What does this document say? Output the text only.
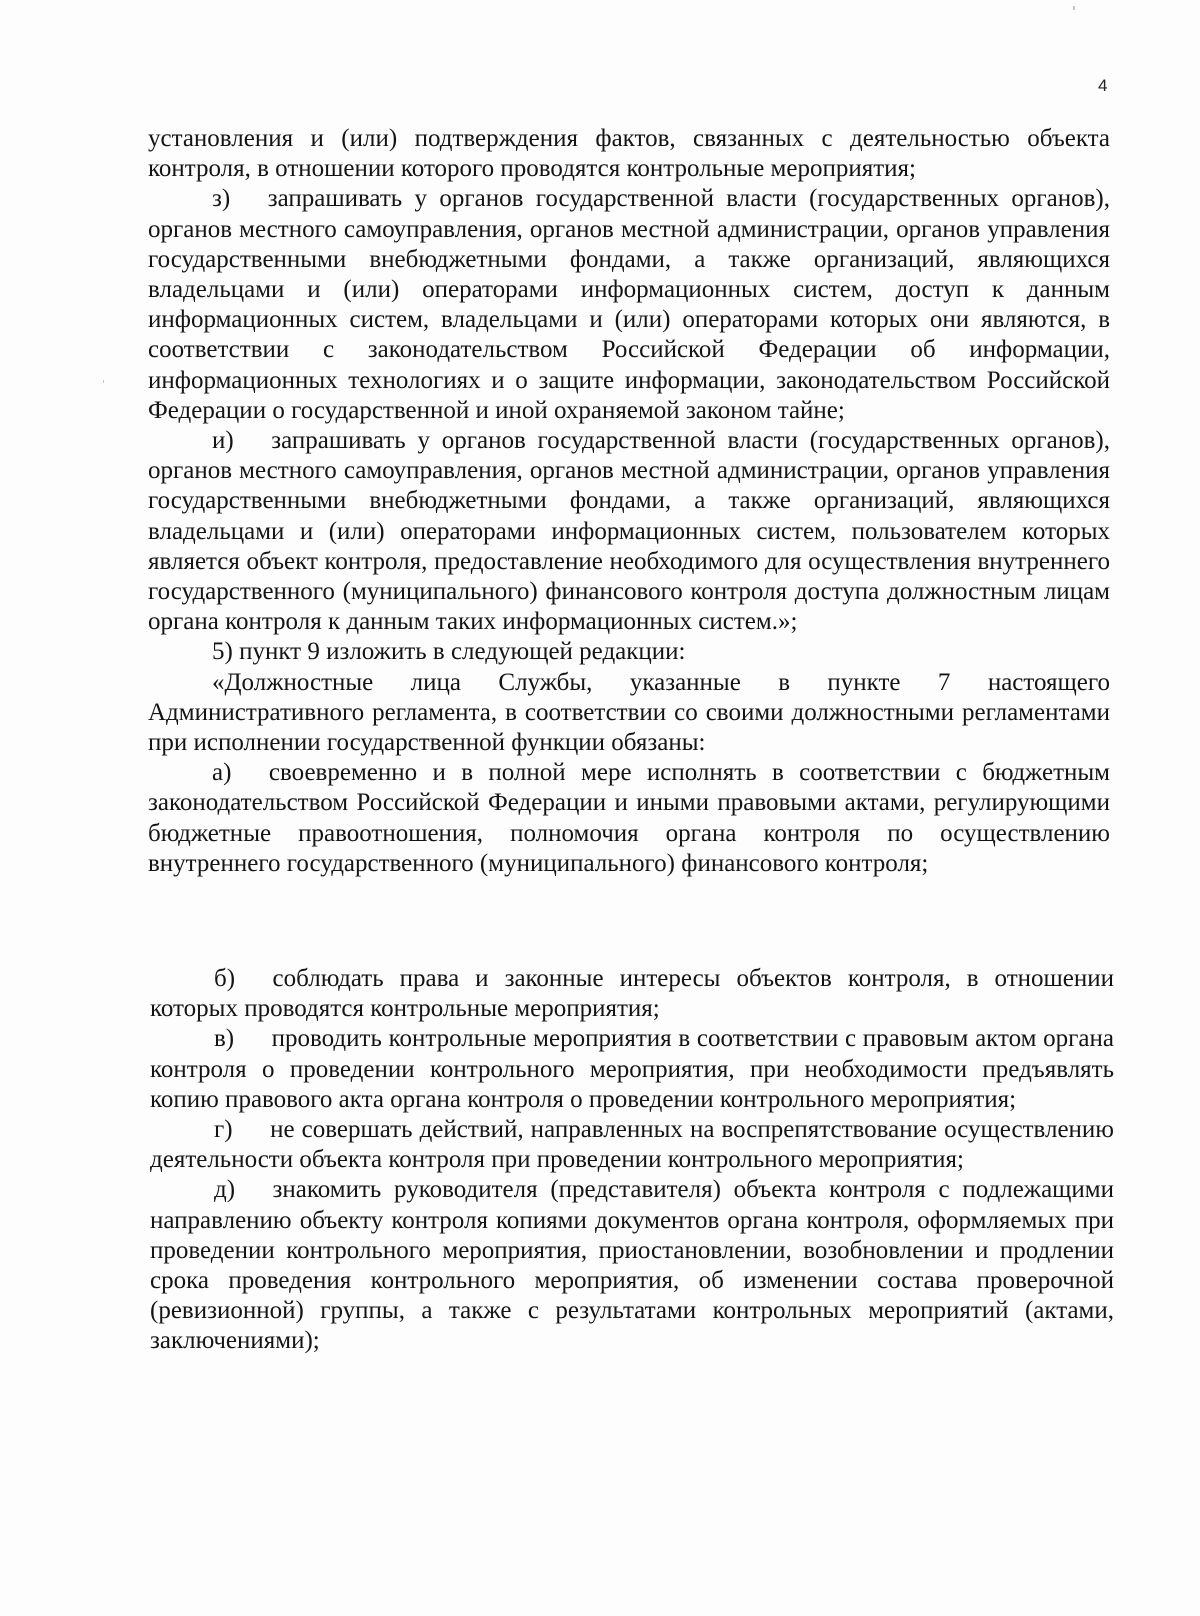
4

установления и (или) подтверждения фактов, связанных с деятельностью объекта контроля, в отношении которого проводятся контрольные мероприятия;

з)  запрашивать у органов государственной власти (государственных органов), органов местного самоуправления, органов местной администрации, органов управления государственными внебюджетными фондами, а также организаций, являющихся владельцами и (или) операторами информационных систем, доступ к данным информационных систем, владельцами и (или) операторами которых они являются, в соответствии с законодательством Российской Федерации об информации, информационных технологиях и о защите информации, законодательством Российской Федерации о государственной и иной охраняемой законом тайне;

и)  запрашивать у органов государственной власти (государственных органов), органов местного самоуправления, органов местной администрации, органов управления государственными внебюджетными фондами, а также организаций, являющихся владельцами и (или) операторами информационных систем, пользователем которых является объект контроля, предоставление необходимого для осуществления внутреннего государственного (муниципального) финансового контроля доступа должностным лицам органа контроля к данным таких информационных систем.»;

5) пункт 9 изложить в следующей редакции:

«Должностные лица Службы, указанные в пункте 7 настоящего Административного регламента, в соответствии со своими должностными регламентами при исполнении государственной функции обязаны:

а)  своевременно и в полной мере исполнять в соответствии с бюджетным законодательством Российской Федерации и иными правовыми актами, регулирующими бюджетные правоотношения, полномочия органа контроля по осуществлению внутреннего государственного (муниципального) финансового контроля;

б)  соблюдать права и законные интересы объектов контроля, в отношении которых проводятся контрольные мероприятия;

в)  проводить контрольные мероприятия в соответствии с правовым актом органа контроля о проведении контрольного мероприятия, при необходимости предъявлять копию правового акта органа контроля о проведении контрольного мероприятия;

г)  не совершать действий, направленных на воспрепятствование осуществлению деятельности объекта контроля при проведении контрольного мероприятия;

д)  знакомить руководителя (представителя) объекта контроля с подлежащими направлению объекту контроля копиями документов органа контроля, оформляемых при проведении контрольного мероприятия, приостановлении, возобновлении и продлении срока проведения контрольного мероприятия, об изменении состава проверочной (ревизионной) группы, а также с результатами контрольных мероприятий (актами, заключениями);
